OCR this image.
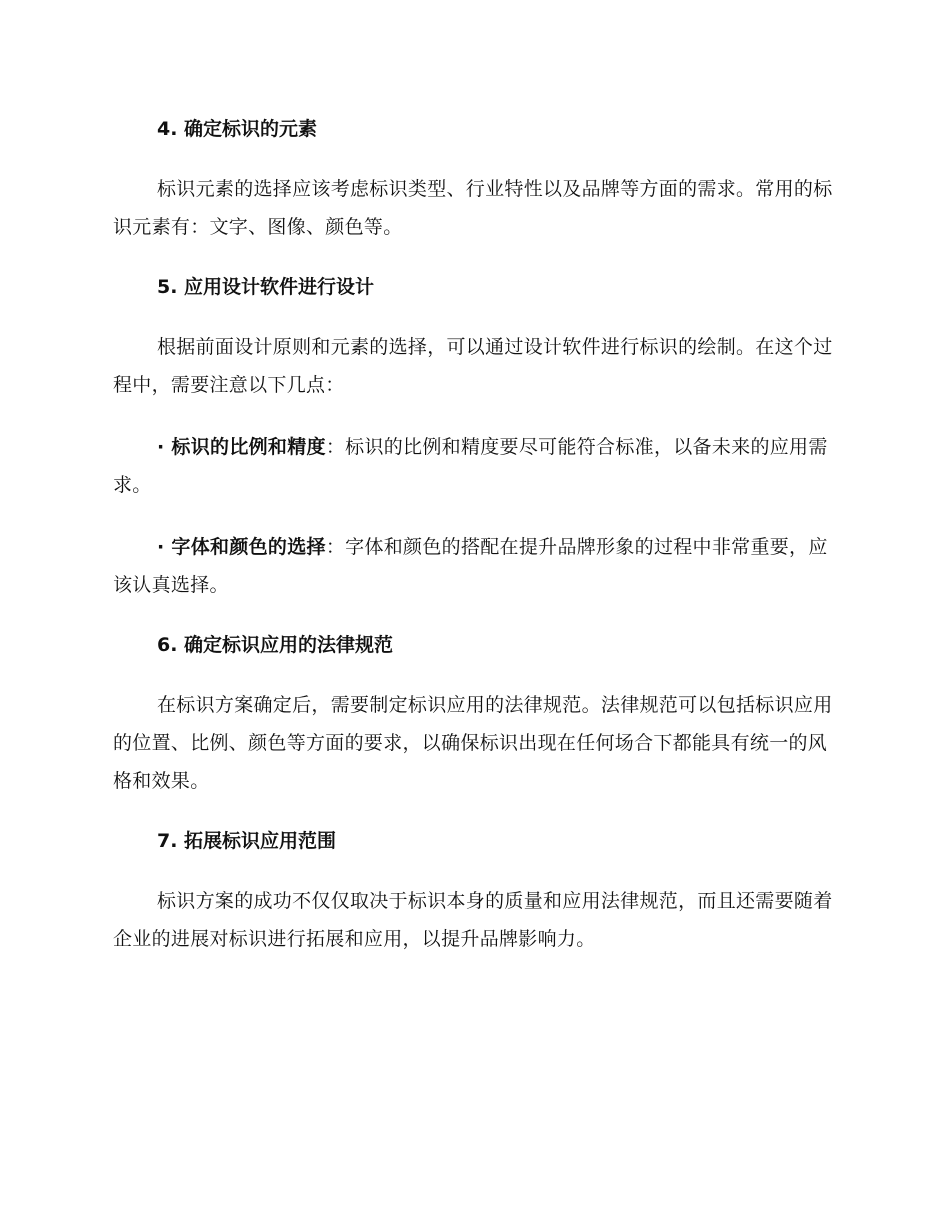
4. 确定标识的元素

标识元素的选择应该考虑标识类型、行业特性以及品牌等方面的需求。常用的标识元素有：文字、图像、颜色等。

5. 应用设计软件进行设计

根据前面设计原则和元素的选择，可以通过设计软件进行标识的绘制。在这个过程中，需要注意以下几点：

· 标识的比例和精度：标识的比例和精度要尽可能符合标准，以备未来的应用需求。

· 字体和颜色的选择：字体和颜色的搭配在提升品牌形象的过程中非常重要，应该认真选择。

6. 确定标识应用的法律规范

在标识方案确定后，需要制定标识应用的法律规范。法律规范可以包括标识应用的位置、比例、颜色等方面的要求，以确保标识出现在任何场合下都能具有统一的风格和效果。

7. 拓展标识应用范围

标识方案的成功不仅仅取决于标识本身的质量和应用法律规范，而且还需要随着企业的进展对标识进行拓展和应用，以提升品牌影响力。
